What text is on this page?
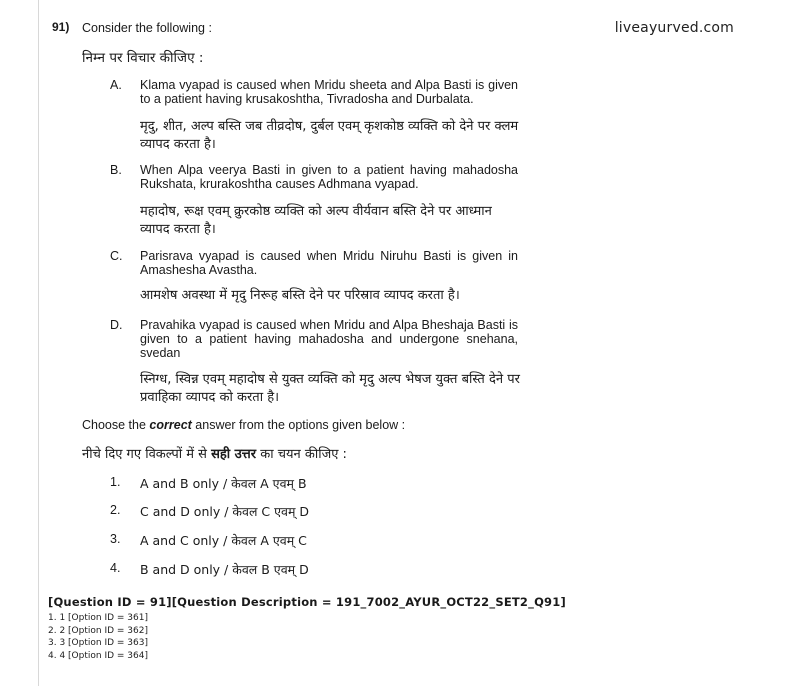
91) Consider the following :	liveayurved.com
निम्न पर विचार कीजिए :
A. Klama vyapad is caused when Mridu sheeta and Alpa Basti is given to a patient having krusakoshtha, Tivradosha and Durbalata.
मृदु, शीत, अल्प बस्ति जब तीव्रदोष, दुर्बल एवम् कृशकोष्ठ व्यक्ति को देने पर क्लम व्यापद करता है।
B. When Alpa veerya Basti in given to a patient having mahadosha Rukshata, krurakoshtha causes Adhmana vyapad.
महादोष, रूक्ष एवम् क्रुरकोष्ठ व्यक्ति को अल्प वीर्यवान बस्ति देने पर आध्मान व्यापद करता है।
C. Parisrava vyapad is caused when Mridu Niruhu Basti is given in Amashesha Avastha.
आमशेष अवस्था में मृदु निरूह बस्ति देने पर परिस्राव व्यापद करता है।
D. Pravahika vyapad is caused when Mridu and Alpa Bheshaja Basti is given to a patient having mahadosha and undergone snehana, svedan
स्निग्ध, स्विन्न एवम् महादोष से युक्त व्यक्ति को मृदु अल्प भेषज युक्त बस्ति देने पर प्रवाहिका व्यापद को करता है।
Choose the correct answer from the options given below :
नीचे दिए गए विकल्पों में से सही उत्तर का चयन कीजिए :
1. A and B only / केवल A एवम् B
2. C and D only / केवल C एवम् D
3. A and C only / केवल A एवम् C
4. B and D only / केवल B एवम् D
[Question ID = 91][Question Description = 191_7002_AYUR_OCT22_SET2_Q91]
1. 1 [Option ID = 361]
2. 2 [Option ID = 362]
3. 3 [Option ID = 363]
4. 4 [Option ID = 364]
